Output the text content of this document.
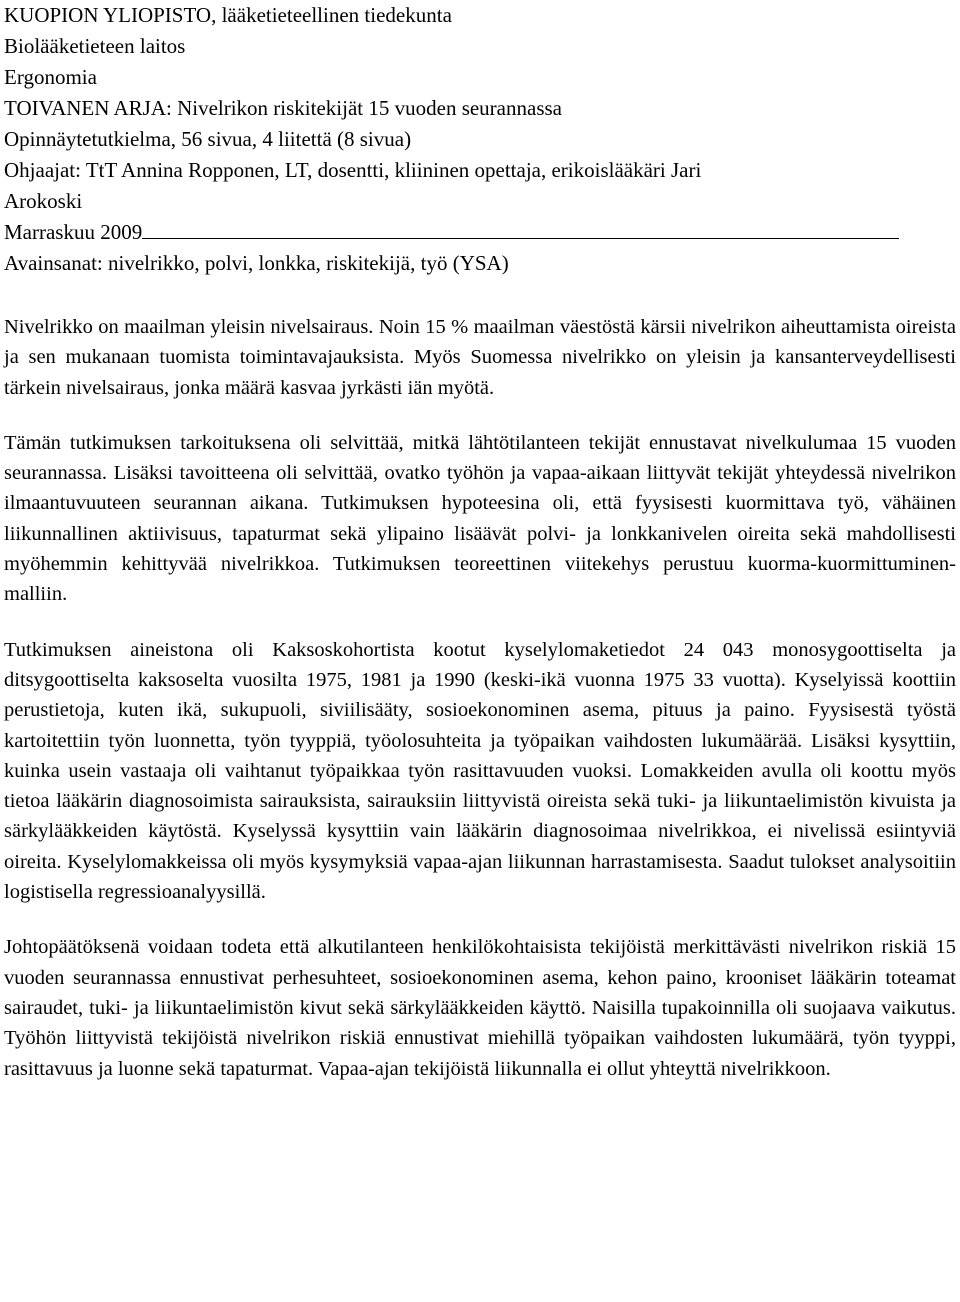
KUOPION YLIOPISTO, lääketieteellinen tiedekunta
Biolääketieteen laitos
Ergonomia
TOIVANEN ARJA: Nivelrikon riskitekijät 15 vuoden seurannassa
Opinnäytetutkielma, 56 sivua, 4 liitettä (8 sivua)
Ohjaajat: TtT Annina Ropponen, LT, dosentti, kliininen opettaja, erikoislääkäri Jari
Arokoski
Marraskuu 2009
Avainsanat: nivelrikko, polvi, lonkka, riskitekijä, työ (YSA)

Nivelrikko on maailman yleisin nivelsairaus. Noin 15 % maailman väestöstä kärsii nivelrikon aiheuttamista oireista ja sen mukanaan tuomista toimintavajauksista. Myös Suomessa nivelrikko on yleisin ja kansanterveydellisesti tärkein nivelsairaus, jonka määrä kasvaa jyrkästi iän myötä.

Tämän tutkimuksen tarkoituksena oli selvittää, mitkä lähtötilanteen tekijät ennustavat nivelkulumaa 15 vuoden seurannassa. Lisäksi tavoitteena oli selvittää, ovatko työhön ja vapaa-aikaan liittyvät tekijät yhteydessä nivelrikon ilmaantuvuuteen seurannan aikana. Tutkimuksen hypoteesina oli, että fyysisesti kuormittava työ, vähäinen liikunnallinen aktiivisuus, tapaturmat sekä ylipaino lisäävät polvi- ja lonkkanivelen oireita sekä mahdollisesti myöhemmin kehittyvää nivelrikkoa. Tutkimuksen teoreettinen viitekehys perustuu kuorma-kuormittuminen-malliin.

Tutkimuksen aineistona oli Kaksoskohortista kootut kyselylomaketiedot 24 043 monosygoottiselta ja ditsygoottiselta kaksoselta vuosilta 1975, 1981 ja 1990 (keski-ikä vuonna 1975 33 vuotta). Kyselyissä koottiin perustietoja, kuten ikä, sukupuoli, siviilisääty, sosioekonominen asema, pituus ja paino. Fyysisestä työstä kartoitettiin työn luonnetta, työn tyyppiä, työolosuhteita ja työpaikan vaihdosten lukumäärää. Lisäksi kysyttiin, kuinka usein vastaaja oli vaihtanut työpaikkaa työn rasittavuuden vuoksi. Lomakkeiden avulla oli koottu myös tietoa lääkärin diagnosoimista sairauksista, sairauksiin liittyvistä oireista sekä tuki- ja liikuntaelimistön kivuista ja särkylääkkeiden käytöstä. Kyselyssä kysyttiin vain lääkärin diagnosoimaa nivelrikkoa, ei nivelissä esiintyviä oireita. Kyselylomakkeissa oli myös kysymyksiä vapaa-ajan liikunnan harrastamisesta. Saadut tulokset analysoitiin logistisella regressioanalyysillä.

Johtopäätöksenä voidaan todeta että alkutilanteen henkilökohtaisista tekijöistä merkittävästi nivelrikon riskiä 15 vuoden seurannassa ennustivat perhesuhteet, sosioekonominen asema, kehon paino, krooniset lääkärin toteamat sairaudet, tuki- ja liikuntaelimistön kivut sekä särkylääkkeiden käyttö. Naisilla tupakoinnilla oli suojaava vaikutus. Työhön liittyvistä tekijöistä nivelrikon riskiä ennustivat miehillä työpaikan vaihdosten lukumäärä, työn tyyppi, rasittavuus ja luonne sekä tapaturmat. Vapaa-ajan tekijöistä liikunnalla ei ollut yhteyttä nivelrikkoon.
